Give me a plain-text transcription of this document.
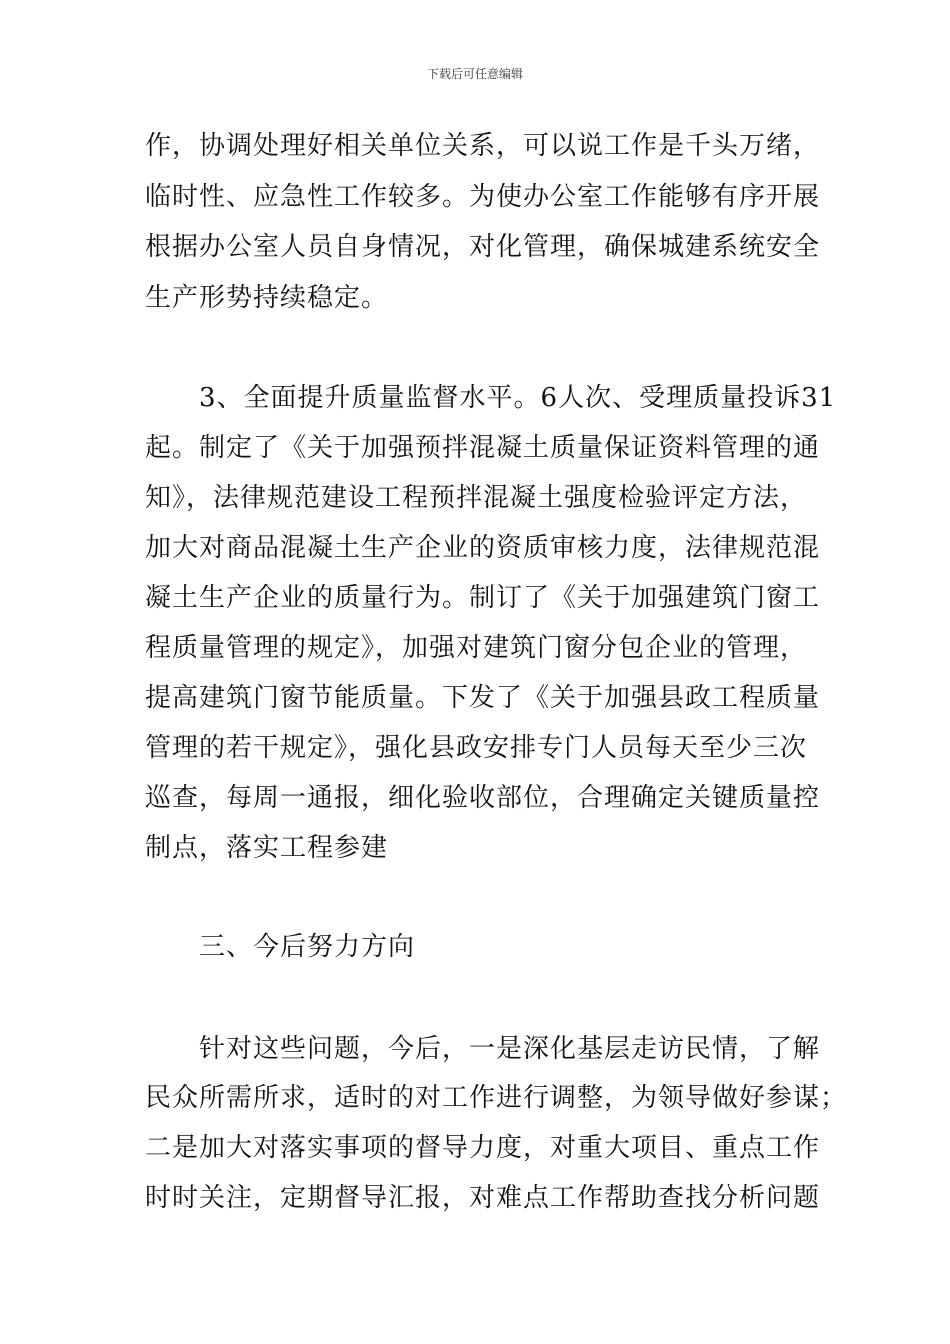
下载后可任意编辑
作，协调处理好相关单位关系，可以说工作是千头万绪，
临时性、应急性工作较多。为使办公室工作能够有序开展
根据办公室人员自身情况，对化管理，确保城建系统安全
生产形势持续稳定。
　　3、全面提升质量监督水平。6人次、受理质量投诉31
起。制定了《关于加强预拌混凝土质量保证资料管理的通
知》，法律规范建设工程预拌混凝土强度检验评定方法，
加大对商品混凝土生产企业的资质审核力度，法律规范混
凝土生产企业的质量行为。制订了《关于加强建筑门窗工
程质量管理的规定》，加强对建筑门窗分包企业的管理，
提高建筑门窗节能质量。下发了《关于加强县政工程质量
管理的若干规定》，强化县政安排专门人员每天至少三次
巡查，每周一通报，细化验收部位，合理确定关键质量控
制点，落实工程参建
　　三、今后努力方向
　　针对这些问题，今后，一是深化基层走访民情，了解
民众所需所求，适时的对工作进行调整，为领导做好参谋；
二是加大对落实事项的督导力度，对重大项目、重点工作
时时关注，定期督导汇报，对难点工作帮助查找分析问题
